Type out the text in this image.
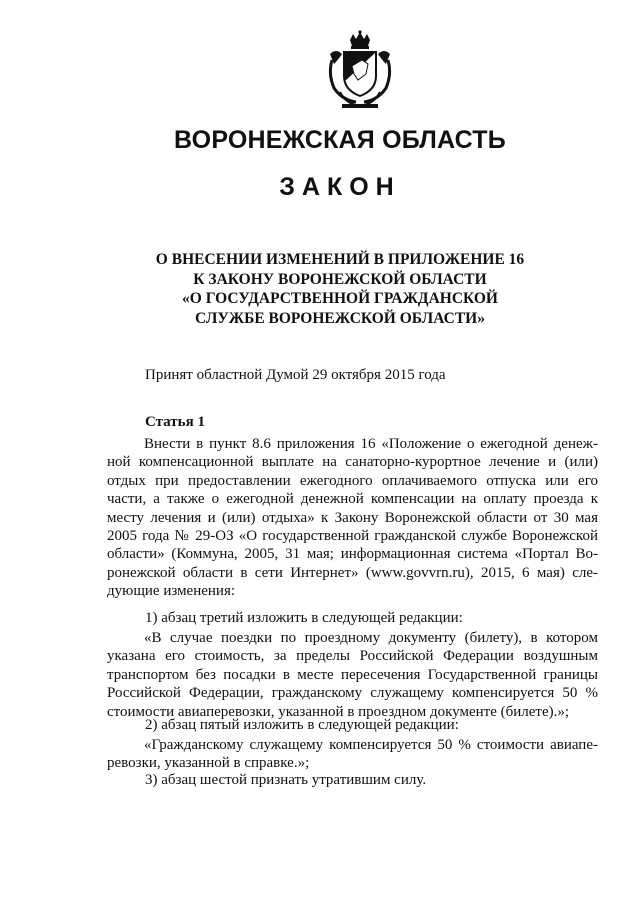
ВОРОНЕЖСКАЯ ОБЛАСТЬ
ЗАКОН
О ВНЕСЕНИИ ИЗМЕНЕНИЙ В ПРИЛОЖЕНИЕ 16
К ЗАКОНУ ВОРОНЕЖСКОЙ ОБЛАСТИ
«О ГОСУДАРСТВЕННОЙ ГРАЖДАНСКОЙ
СЛУЖБЕ ВОРОНЕЖСКОЙ ОБЛАСТИ»
Принят областной Думой 29 октября 2015 года
Статья 1
Внести в пункт 8.6 приложения 16 «Положение о ежегодной денеж-
ной компенсационной выплате на санаторно-курортное лечение и (или)
отдых при предоставлении ежегодного оплачиваемого отпуска или его
части, а также о ежегодной денежной компенсации на оплату проезда к
месту лечения и (или) отдыха» к Закону Воронежской области от 30 мая
2005 года № 29-ОЗ «О государственной гражданской службе Воронежской
области» (Коммуна, 2005, 31 мая; информационная система «Портал Во-
ронежской области в сети Интернет» (www.govvrn.ru), 2015, 6 мая) сле-
дующие изменения:
1) абзац третий изложить в следующей редакции:
«В случае поездки по проездному документу (билету), в котором
указана его стоимость, за пределы Российской Федерации воздушным
транспортом без посадки в месте пересечения Государственной границы
Российской Федерации, гражданскому служащему компенсируется 50 %
стоимости авиаперевозки, указанной в проездном документе (билете).»;
2) абзац пятый изложить в следующей редакции:
«Гражданскому служащему компенсируется 50 % стоимости авиапе-
ревозки, указанной в справке.»;
3) абзац шестой признать утратившим силу.
